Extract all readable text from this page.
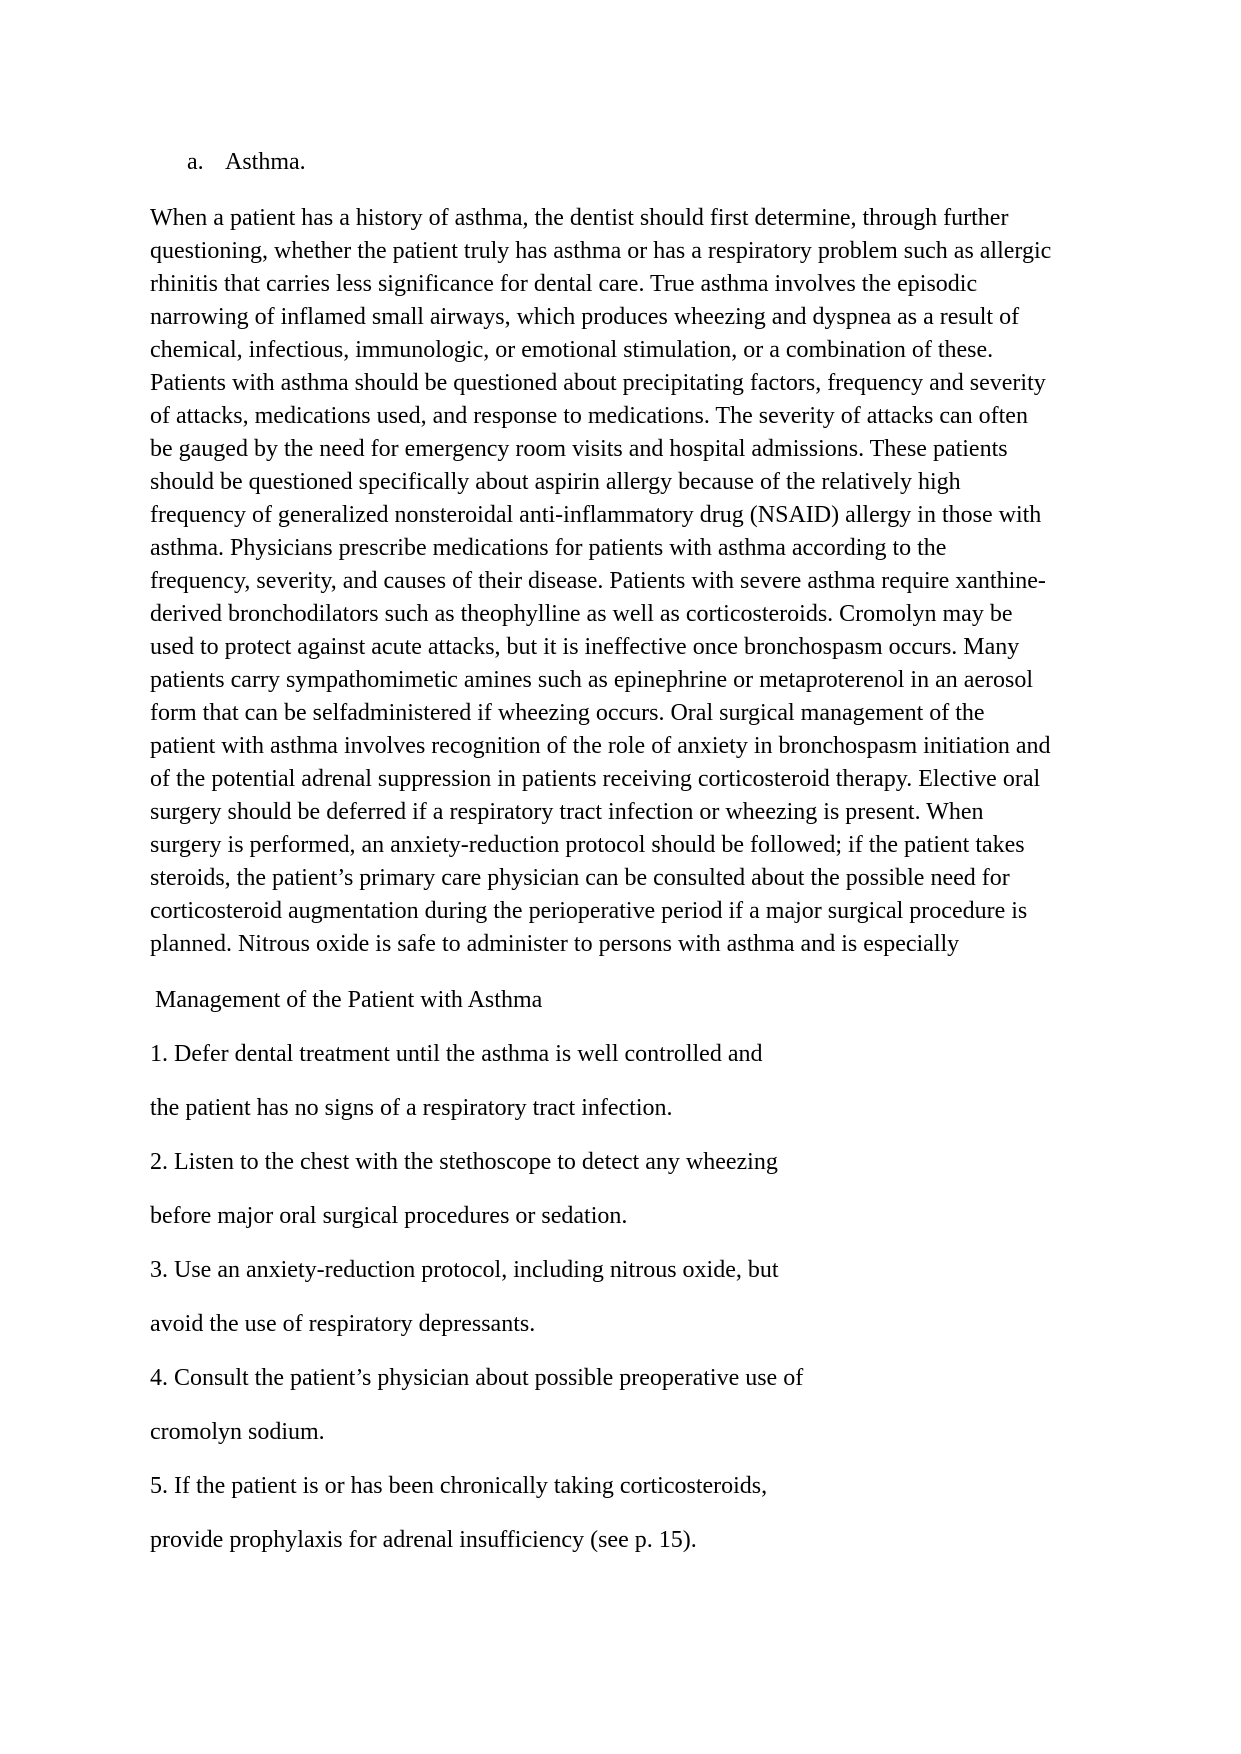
a. Asthma.

When a patient has a history of asthma, the dentist should first determine, through further
questioning, whether the patient truly has asthma or has a respiratory problem such as allergic
rhinitis that carries less significance for dental care. True asthma involves the episodic
narrowing of inflamed small airways, which produces wheezing and dyspnea as a result of
chemical, infectious, immunologic, or emotional stimulation, or a combination of these.
Patients with asthma should be questioned about precipitating factors, frequency and severity
of attacks, medications used, and response to medications. The severity of attacks can often
be gauged by the need for emergency room visits and hospital admissions. These patients
should be questioned specifically about aspirin allergy because of the relatively high
frequency of generalized nonsteroidal anti-inflammatory drug (NSAID) allergy in those with
asthma. Physicians prescribe medications for patients with asthma according to the
frequency, severity, and causes of their disease. Patients with severe asthma require xanthine-
derived bronchodilators such as theophylline as well as corticosteroids. Cromolyn may be
used to protect against acute attacks, but it is ineffective once bronchospasm occurs. Many
patients carry sympathomimetic amines such as epinephrine or metaproterenol in an aerosol
form that can be selfadministered if wheezing occurs. Oral surgical management of the
patient with asthma involves recognition of the role of anxiety in bronchospasm initiation and
of the potential adrenal suppression in patients receiving corticosteroid therapy. Elective oral
surgery should be deferred if a respiratory tract infection or wheezing is present. When
surgery is performed, an anxiety-reduction protocol should be followed; if the patient takes
steroids, the patient’s primary care physician can be consulted about the possible need for
corticosteroid augmentation during the perioperative period if a major surgical procedure is
planned. Nitrous oxide is safe to administer to persons with asthma and is especially

Management of the Patient with Asthma
1. Defer dental treatment until the asthma is well controlled and
the patient has no signs of a respiratory tract infection.
2. Listen to the chest with the stethoscope to detect any wheezing
before major oral surgical procedures or sedation.
3. Use an anxiety-reduction protocol, including nitrous oxide, but
avoid the use of respiratory depressants.
4. Consult the patient’s physician about possible preoperative use of
cromolyn sodium.
5. If the patient is or has been chronically taking corticosteroids,
provide prophylaxis for adrenal insufficiency (see p. 15).
